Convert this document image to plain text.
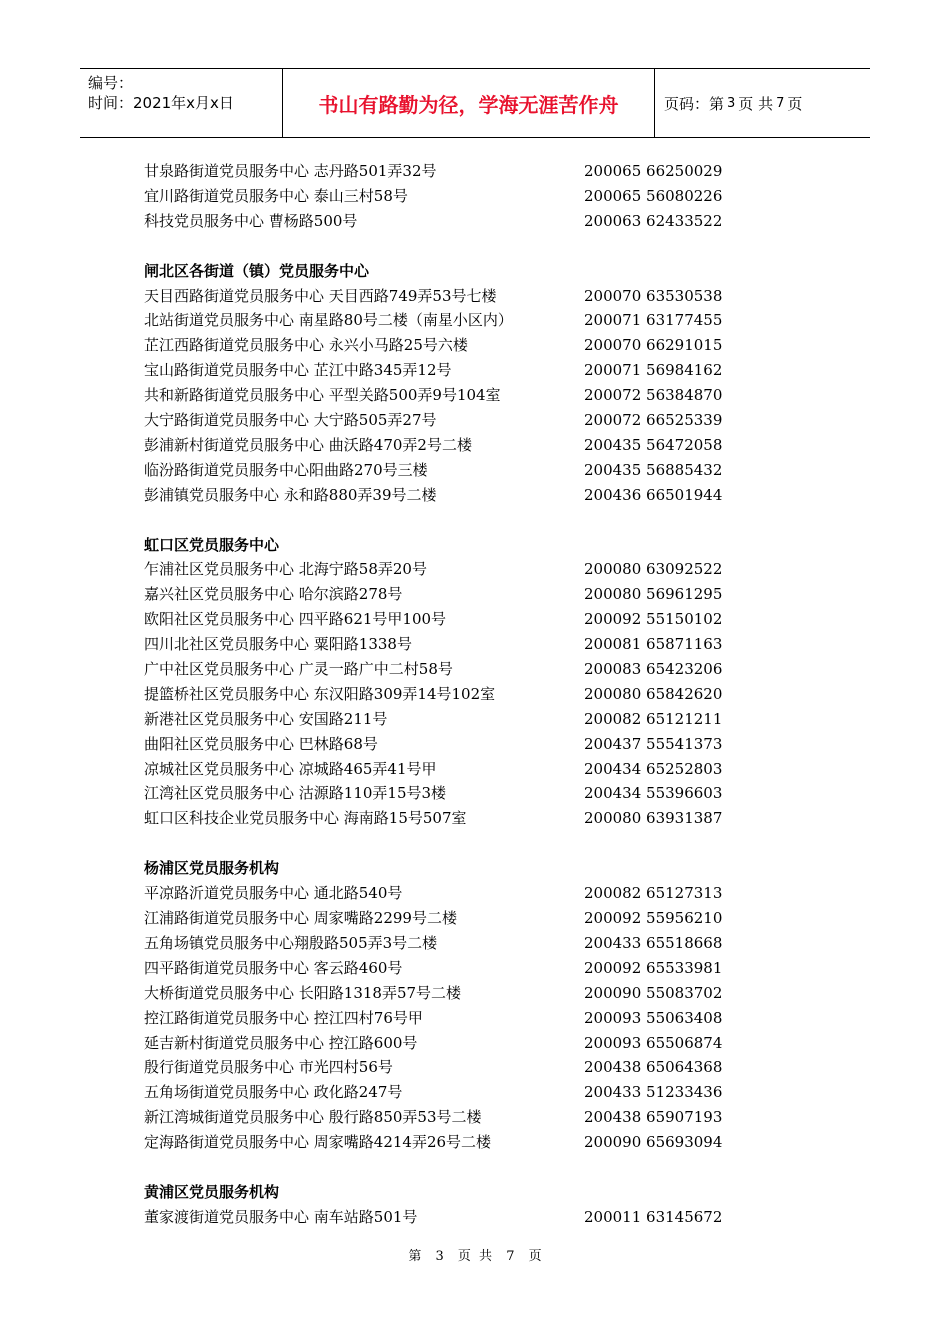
编号：
时间：2021年x月x日	书山有路勤为径，学海无涯苦作舟	页码：第 3 页 共 7 页
甘泉路街道党员服务中心 志丹路501弄32号	200065 66250029
宜川路街道党员服务中心 泰山三村58号	200065 56080226
科技党员服务中心 曹杨路500号	200063 62433522
闸北区各街道（镇）党员服务中心
天目西路街道党员服务中心 天目西路749弄53号七楼	200070 63530538
北站街道党员服务中心 南星路80号二楼（南星小区内）	200071 63177455
芷江西路街道党员服务中心 永兴小马路25号六楼	200070 66291015
宝山路街道党员服务中心 芷江中路345弄12号	200071 56984162
共和新路街道党员服务中心 平型关路500弄9号104室	200072 56384870
大宁路街道党员服务中心 大宁路505弄27号	200072 66525339
彭浦新村街道党员服务中心 曲沃路470弄2号二楼	200435 56472058
临汾路街道党员服务中心阳曲路270号三楼	200435 56885432
彭浦镇党员服务中心 永和路880弄39号二楼	200436 66501944
虹口区党员服务中心
乍浦社区党员服务中心 北海宁路58弄20号	200080 63092522
嘉兴社区党员服务中心 哈尔滨路278号	200080 56961295
欧阳社区党员服务中心 四平路621号甲100号	200092 55150102
四川北社区党员服务中心 粟阳路1338号	200081 65871163
广中社区党员服务中心 广灵一路广中二村58号	200083 65423206
提篮桥社区党员服务中心 东汉阳路309弄14号102室	200080 65842620
新港社区党员服务中心 安国路211号	200082 65121211
曲阳社区党员服务中心 巴林路68号	200437 55541373
凉城社区党员服务中心 凉城路465弄41号甲	200434 65252803
江湾社区党员服务中心 沽源路110弄15号3楼	200434 55396603
虹口区科技企业党员服务中心 海南路15号507室	200080 63931387
杨浦区党员服务机构
平凉路沂道党员服务中心 通北路540号	200082 65127313
江浦路街道党员服务中心 周家嘴路2299号二楼	200092 55956210
五角场镇党员服务中心翔殷路505弄3号二楼	200433 65518668
四平路街道党员服务中心 客云路460号	200092 65533981
大桥街道党员服务中心 长阳路1318弄57号二楼	200090 55083702
控江路街道党员服务中心 控江四村76号甲	200093 55063408
延吉新村街道党员服务中心 控江路600号	200093 65506874
殷行街道党员服务中心 市光四村56号	200438 65064368
五角场街道党员服务中心 政化路247号	200433 51233436
新江湾城街道党员服务中心 殷行路850弄53号二楼	200438 65907193
定海路街道党员服务中心 周家嘴路4214弄26号二楼	200090 65693094
黄浦区党员服务机构
董家渡街道党员服务中心 南车站路501号	200011 63145672
第 3 页 共 7 页
